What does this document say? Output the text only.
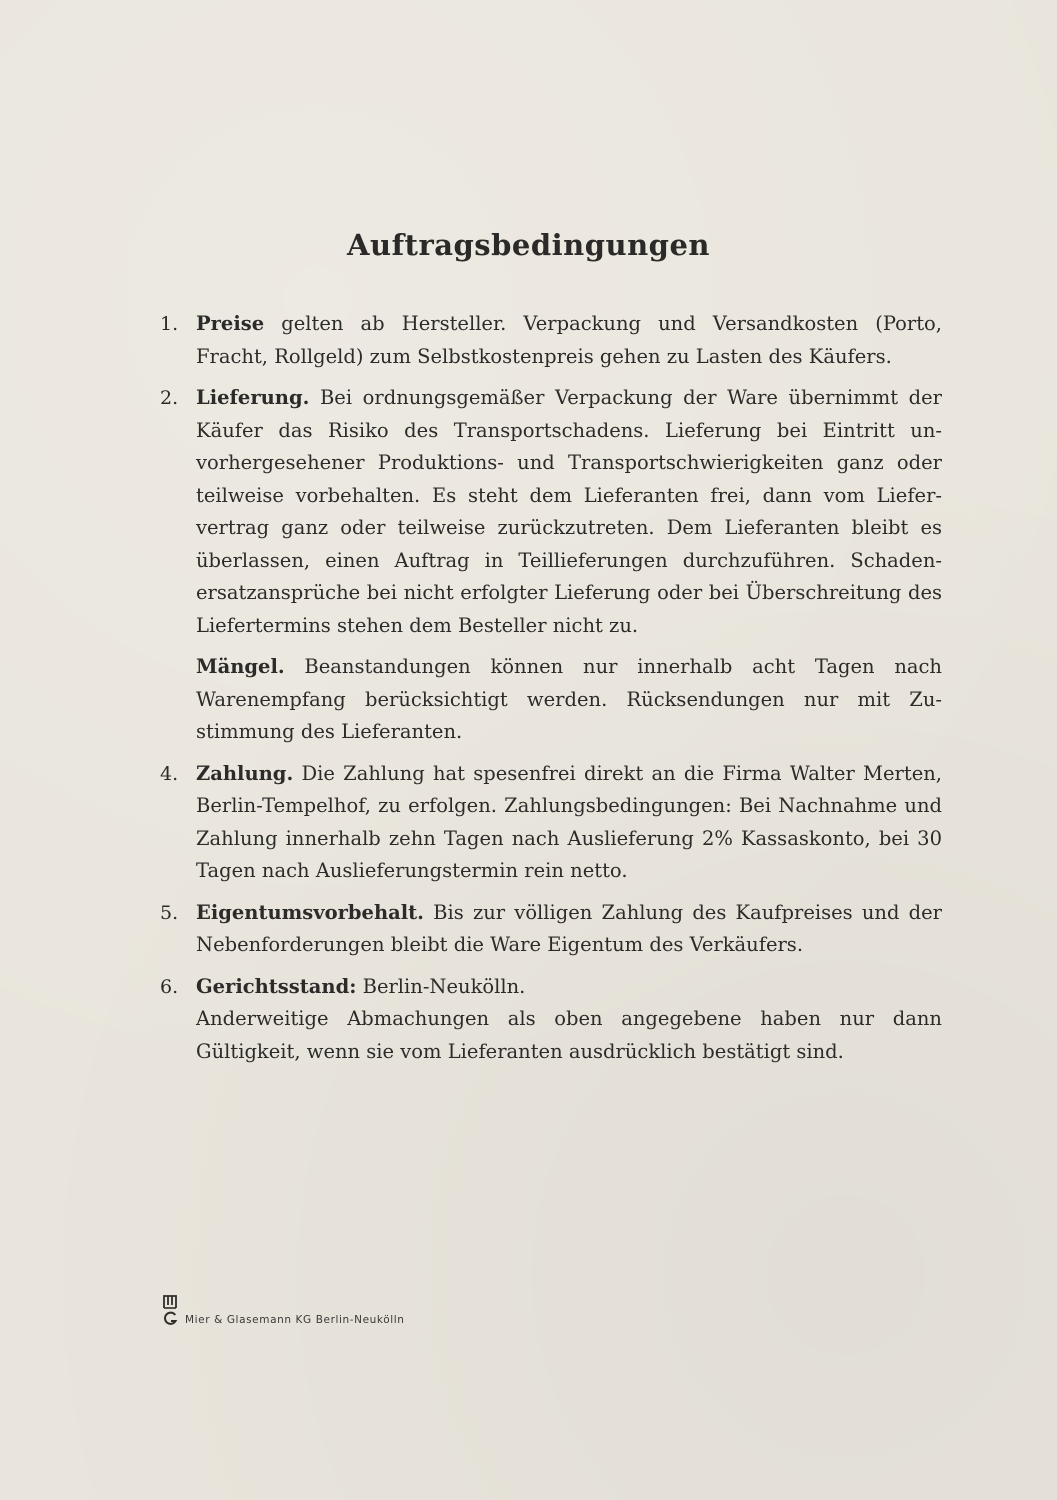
Auftragsbedingungen
1. Preise gelten ab Hersteller. Verpackung und Versandkosten (Porto, Fracht, Rollgeld) zum Selbstkostenpreis gehen zu Lasten des Käufers.
2. Lieferung. Bei ordnungsgemäßer Verpackung der Ware übernimmt der Käufer das Risiko des Transportschadens. Lieferung bei Eintritt unvorhergesehener Produktions- und Transportschwierigkeiten ganz oder teilweise vorbehalten. Es steht dem Lieferanten frei, dann vom Liefervertrag ganz oder teilweise zurückzutreten. Dem Lieferanten bleibt es überlassen, einen Auftrag in Teillieferungen durchzuführen. Schadenersatzansprüche bei nicht erfolgter Lieferung oder bei Überschreitung des Liefertermins stehen dem Besteller nicht zu.
Mängel. Beanstandungen können nur innerhalb acht Tagen nach Warenempfang berücksichtigt werden. Rücksendungen nur mit Zustimmung des Lieferanten.
4. Zahlung. Die Zahlung hat spesenfrei direkt an die Firma Walter Merten, Berlin-Tempelhof, zu erfolgen. Zahlungsbedingungen: Bei Nachnahme und Zahlung innerhalb zehn Tagen nach Auslieferung 2% Kassaskonto, bei 30 Tagen nach Auslieferungstermin rein netto.
5. Eigentumsvorbehalt. Bis zur völligen Zahlung des Kaufpreises und der Nebenforderungen bleibt die Ware Eigentum des Verkäufers.
6. Gerichtsstand: Berlin-Neukölln.
Anderweitige Abmachungen als oben angegebene haben nur dann Gültigkeit, wenn sie vom Lieferanten ausdrücklich bestätigt sind.
Mier & Glasemann KG Berlin-Neukölln
